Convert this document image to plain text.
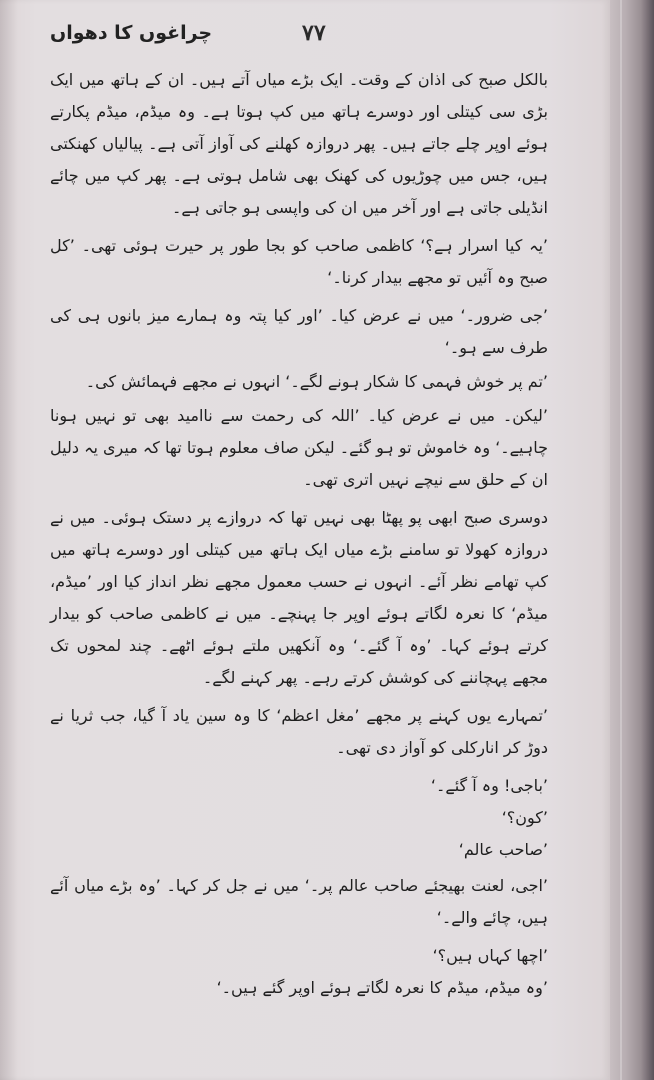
۷۷
چراغوں کا دھواں

بالکل صبح کی اذان کے وقت۔ ایک بڑے میاں آتے ہیں۔ ان کے ہاتھ میں ایک بڑی سی کیتلی اور دوسرے ہاتھ میں کپ ہوتا ہے۔ وہ میڈم، میڈم پکارتے ہوئے اوپر چلے جاتے ہیں۔ پھر دروازہ کھلنے کی آواز آتی ہے۔ پیالیاں کھنکتی ہیں، جس میں چوڑیوں کی کھنک بھی شامل ہوتی ہے۔ پھر کپ میں چائے انڈیلی جاتی ہے اور آخر میں ان کی واپسی ہو جاتی ہے۔

’یہ کیا اسرار ہے؟‘ کاظمی صاحب کو بجا طور پر حیرت ہوئی تھی۔ ’کل صبح وہ آئیں تو مجھے بیدار کرنا۔‘

’جی ضرور۔‘ میں نے عرض کیا۔ ’اور کیا پتہ وہ ہمارے میز بانوں ہی کی طرف سے ہو۔‘

’تم پر خوش فہمی کا شکار ہونے لگے۔‘ انہوں نے مجھے فہمائش کی۔

’لیکن۔ میں نے عرض کیا۔ ’اللہ کی رحمت سے ناامید بھی تو نہیں ہونا چاہیے۔‘ وہ خاموش تو ہو گئے۔ لیکن صاف معلوم ہوتا تھا کہ میری یہ دلیل ان کے حلق سے نیچے نہیں اتری تھی۔

دوسری صبح ابھی پو پھٹا بھی نہیں تھا کہ دروازے پر دستک ہوئی۔ میں نے دروازہ کھولا تو سامنے بڑے میاں ایک ہاتھ میں کیتلی اور دوسرے ہاتھ میں کپ تھامے نظر آئے۔ انہوں نے حسب معمول مجھے نظر انداز کیا اور ’میڈم، میڈم‘ کا نعرہ لگاتے ہوئے اوپر جا پہنچے۔ میں نے کاظمی صاحب کو بیدار کرتے ہوئے کہا۔ ’وہ آ گئے۔‘ وہ آنکھیں ملتے ہوئے اٹھے۔ چند لمحوں تک مجھے پہچاننے کی کوشش کرتے رہے۔ پھر کہنے لگے۔

’تمہارے یوں کہنے پر مجھے ’مغل اعظم‘ کا وہ سین یاد آ گیا، جب ثریا نے دوڑ کر انارکلی کو آواز دی تھی۔

’باجی! وہ آ گئے۔‘

’کون؟‘

’صاحب عالم‘

’اجی، لعنت بھیجئے صاحب عالم پر۔‘ میں نے جل کر کہا۔ ’وہ بڑے میاں آئے ہیں، چائے والے۔‘

’اچھا کہاں ہیں؟‘

’وہ میڈم، میڈم کا نعرہ لگاتے ہوئے اوپر گئے ہیں۔‘
